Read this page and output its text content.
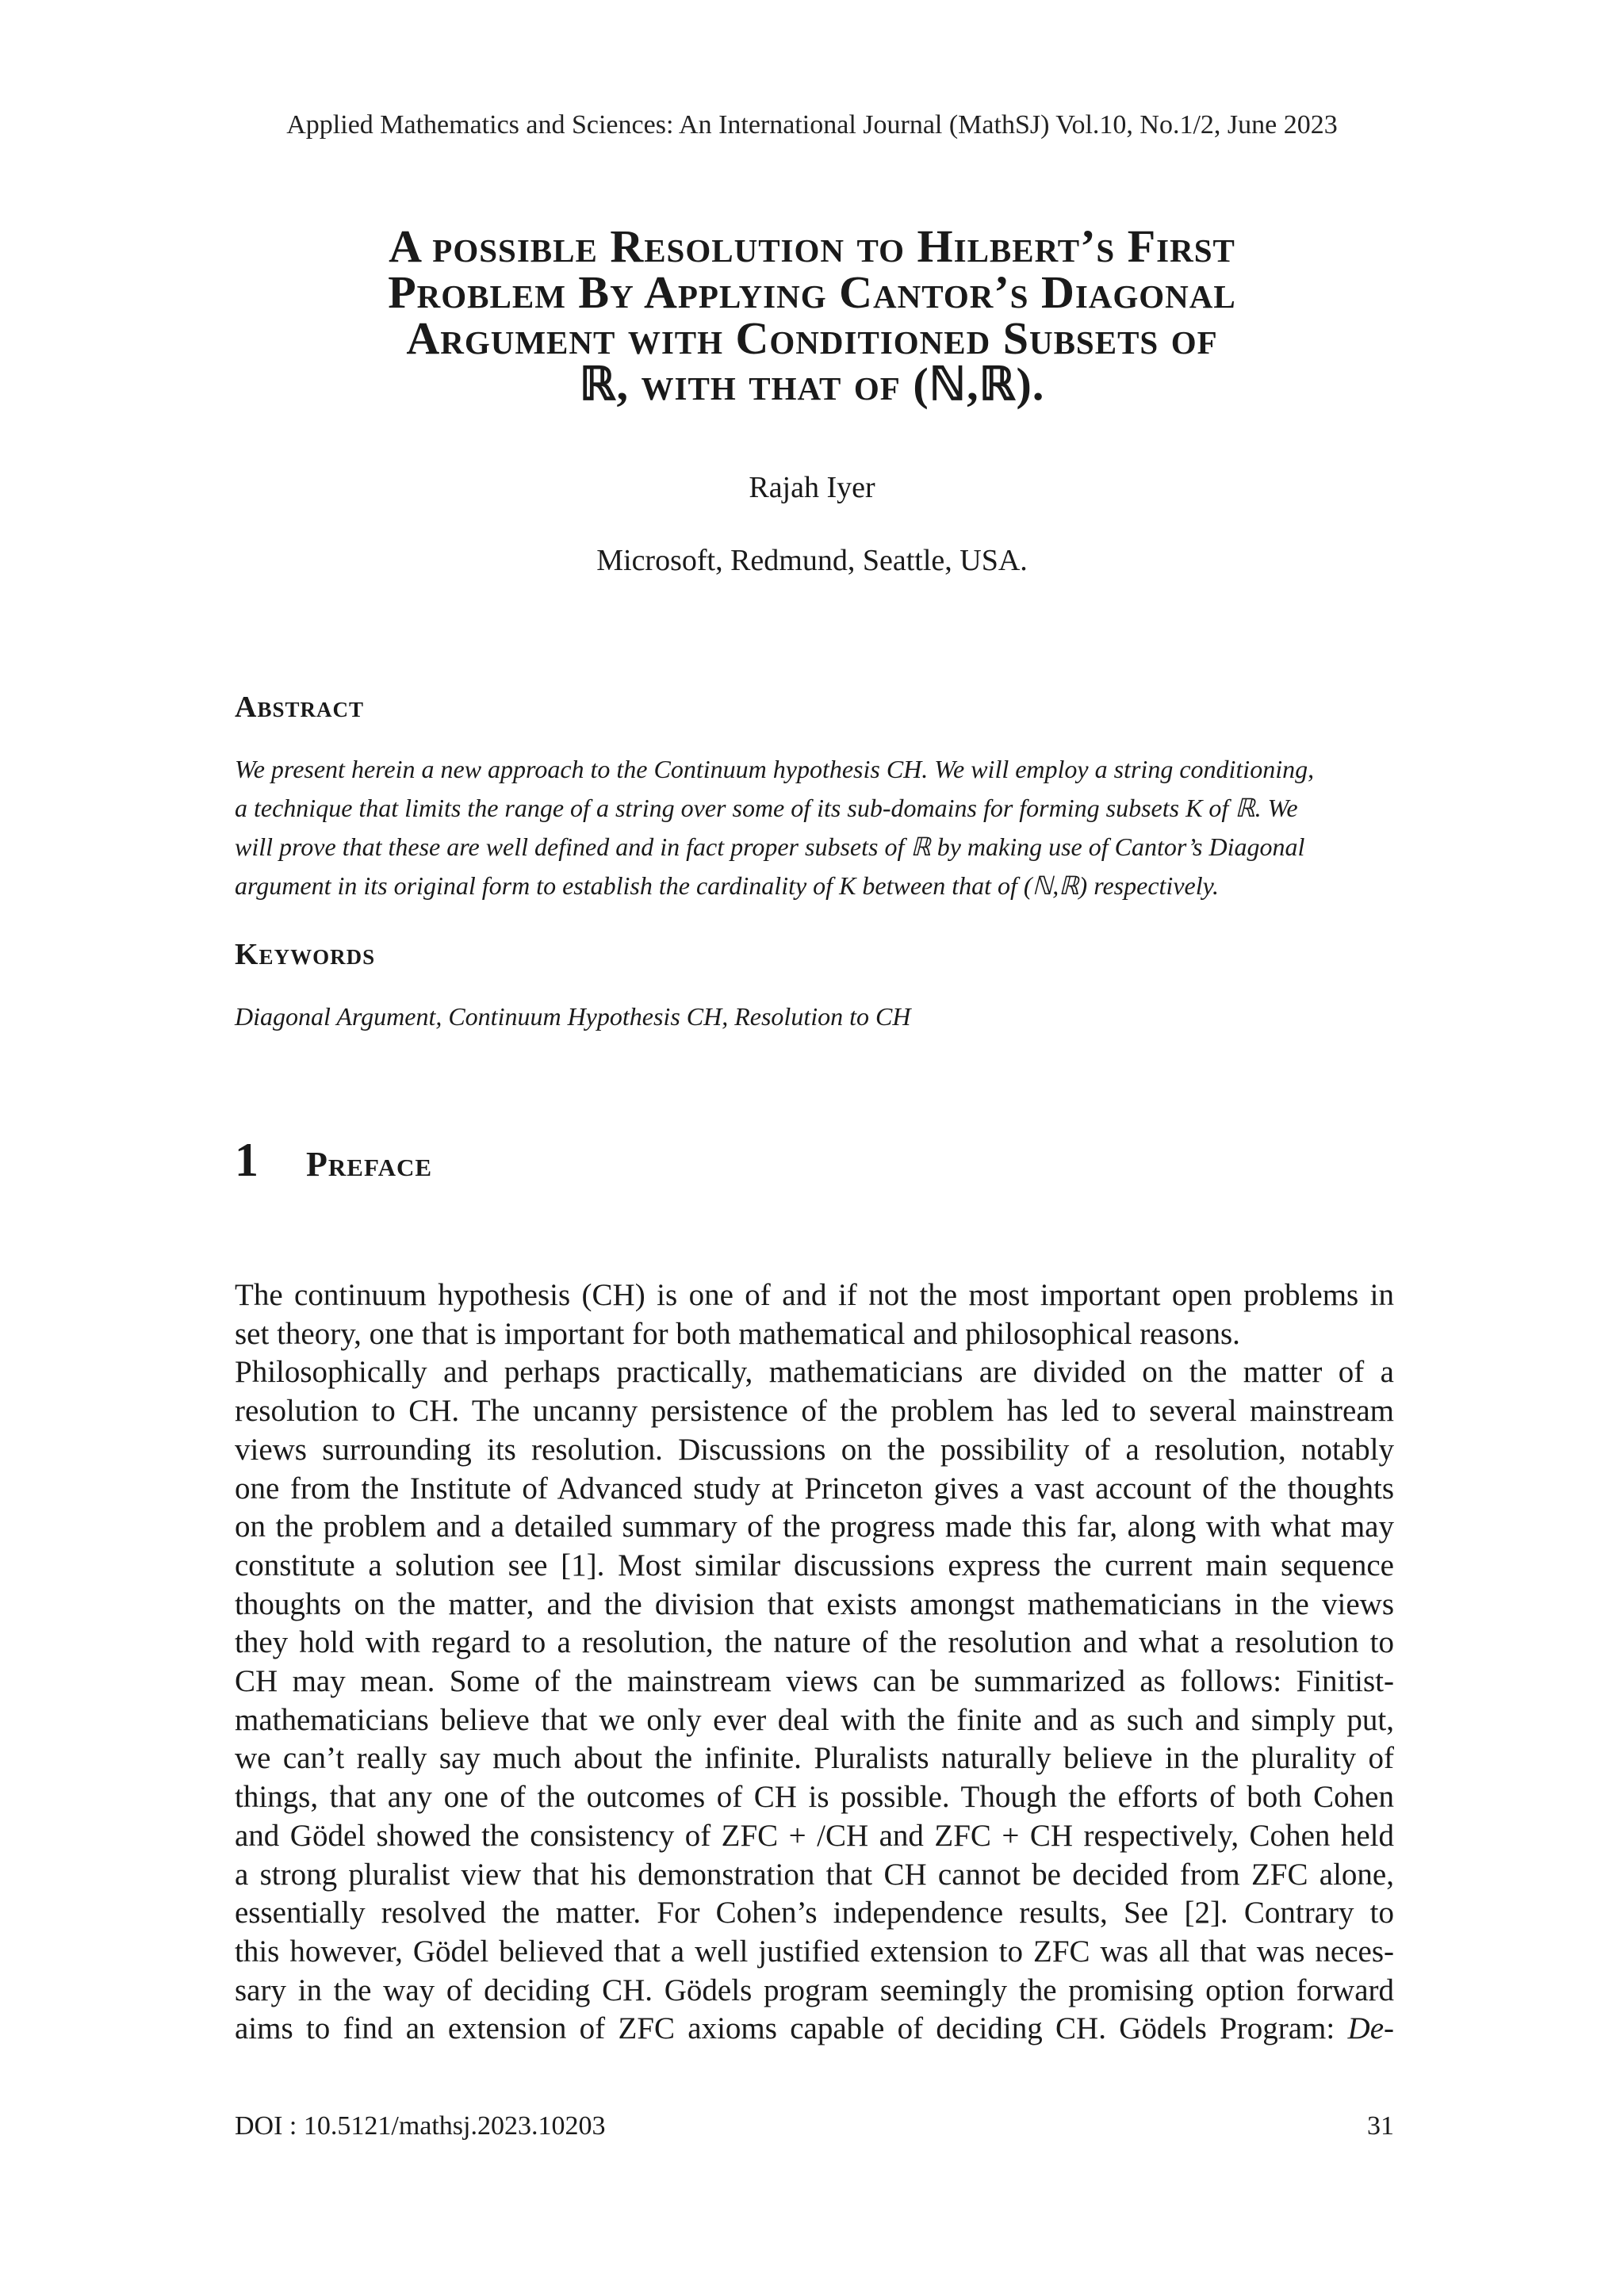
Applied Mathematics and Sciences: An International Journal (MathSJ) Vol.10, No.1/2, June 2023
A possible Resolution to Hilbert’s First
Problem By Applying Cantor’s Diagonal
Argument with Conditioned Subsets of
ℝ, with that of (ℕ,ℝ).
Rajah Iyer
Microsoft, Redmund, Seattle, USA.
Abstract

We present herein a new approach to the Continuum hypothesis CH. We will employ a string conditioning,
a technique that limits the range of a string over some of its sub-domains for forming subsets K of ℝ. We
will prove that these are well defined and in fact proper subsets of ℝ by making use of Cantor’s Diagonal
argument in its original form to establish the cardinality of K between that of (ℕ,ℝ) respectively.

Keywords

Diagonal Argument, Continuum Hypothesis CH, Resolution to CH

1	Preface
The continuum hypothesis (CH) is one of and if not the most important open problems in
set theory, one that is important for both mathematical and philosophical reasons.
Philosophically and perhaps practically, mathematicians are divided on the matter of a
resolution to CH. The uncanny persistence of the problem has led to several mainstream
views surrounding its resolution. Discussions on the possibility of a resolution, notably
one from the Institute of Advanced study at Princeton gives a vast account of the thoughts
on the problem and a detailed summary of the progress made this far, along with what may
constitute a solution see [1]. Most similar discussions express the current main sequence
thoughts on the matter, and the division that exists amongst mathematicians in the views
they hold with regard to a resolution, the nature of the resolution and what a resolution to
CH may mean. Some of the mainstream views can be summarized as follows: Finitist-
mathematicians believe that we only ever deal with the finite and as such and simply put,
we can’t really say much about the infinite. Pluralists naturally believe in the plurality of
things, that any one of the outcomes of CH is possible. Though the efforts of both Cohen
and Gödel showed the consistency of ZFC + /CH and ZFC + CH respectively, Cohen held
a strong pluralist view that his demonstration that CH cannot be decided from ZFC alone,
essentially resolved the matter. For Cohen’s independence results, See [2]. Contrary to
this however, Gödel believed that a well justified extension to ZFC was all that was neces-
sary in the way of deciding CH. Gödels program seemingly the promising option forward
aims to find an extension of ZFC axioms capable of deciding CH. Gödels Program: De-
DOI : 10.5121/mathsj.2023.10203	31
